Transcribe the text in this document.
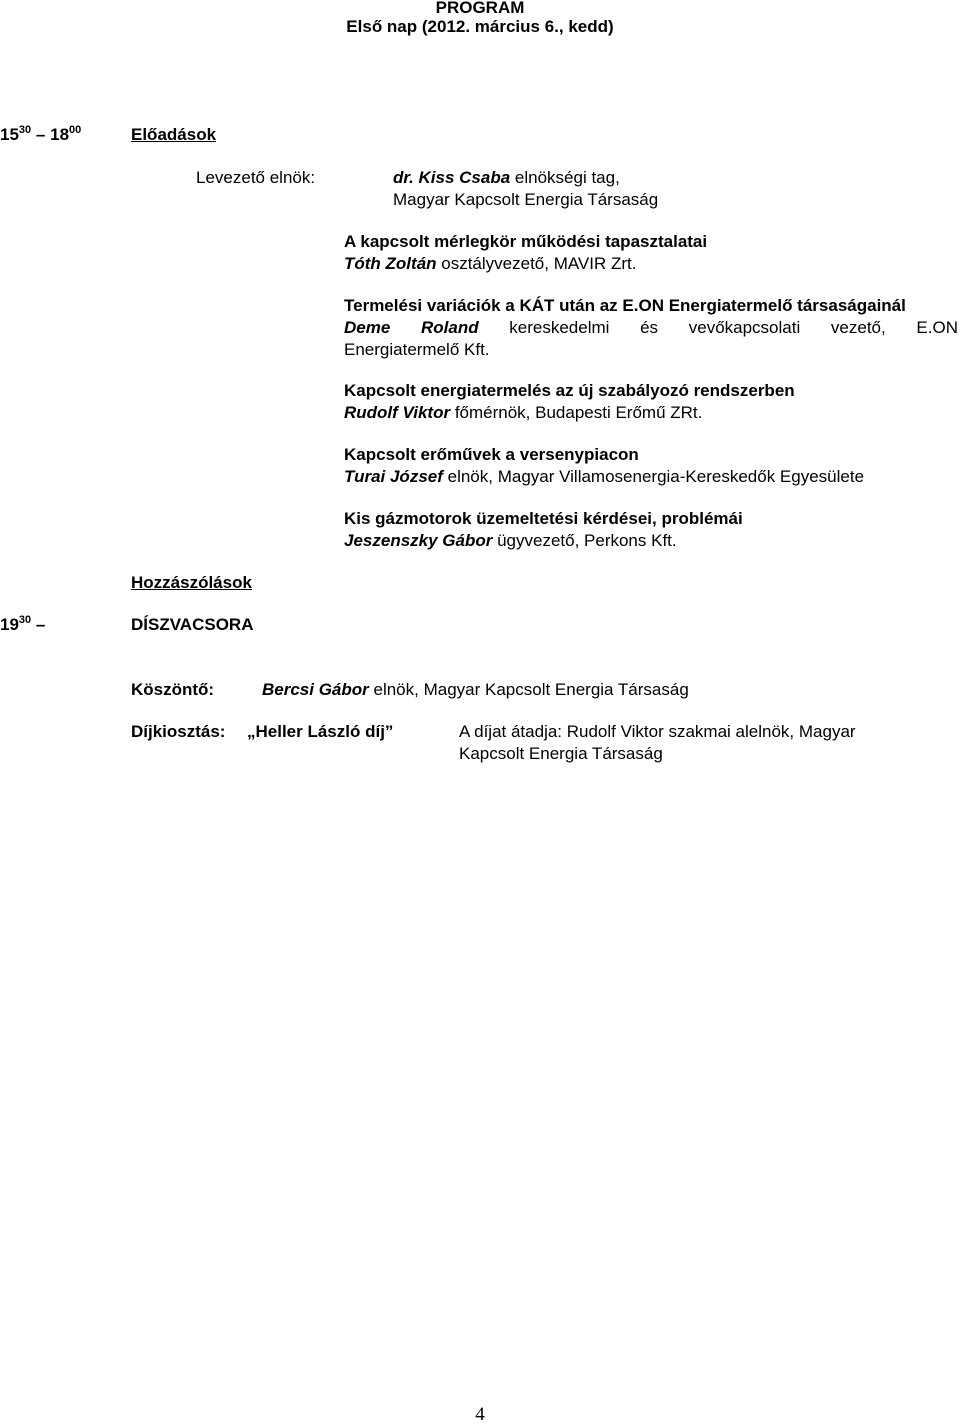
PROGRAM
Első nap (2012. március 6., kedd)
$15^{30} - 18^{00}$	Előadások
Levezető elnök:	dr. Kiss Csaba elnökségi tag,
Magyar Kapcsolt Energia Társaság
A kapcsolt mérlegkör működési tapasztalatai
Tóth Zoltán osztályvezető, MAVIR Zrt.
Termelési variációk a KÁT után az E.ON Energiatermelő társaságainál
Deme Roland kereskedelmi és vevőkapcsolati vezető, E.ON
Energiatermelő Kft.
Kapcsolt energiatermelés az új szabályozó rendszerben
Rudolf Viktor főmérnök, Budapesti Erőmű ZRt.
Kapcsolt erőművek a versenypiacon
Turai József elnök, Magyar Villamosenergia-Kereskedők Egyesülete
Kis gázmotorok üzemeltetési kérdései, problémái
Jeszenszky Gábor ügyvezető, Perkons Kft.
Hozzászólások
$19^{30}$ –	DÍSZVACSORA
Köszöntő:	Bercsi Gábor elnök, Magyar Kapcsolt Energia Társaság
Díjkiosztás: „Heller László díj”	A díjat átadja: Rudolf Viktor szakmai alelnök, Magyar
Kapcsolt Energia Társaság
4
